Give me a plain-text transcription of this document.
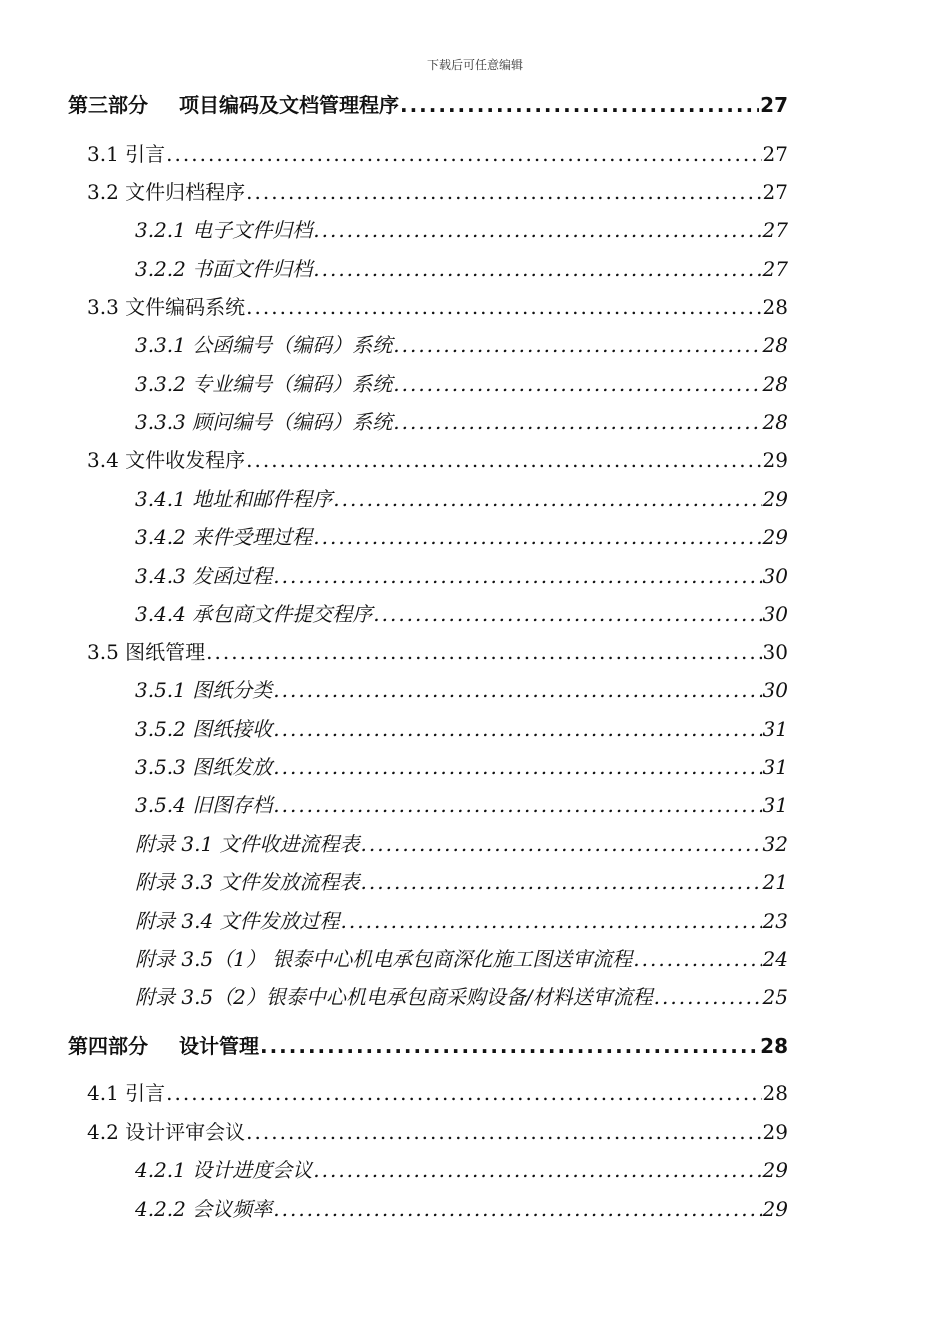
下载后可任意编辑
第三部分 项目编码及文档管理程序 .....	27
3.1 引言 .....	27
3.2 文件归档程序 .....	27
3.2.1 电子文件归档 .....	27
3.2.2 书面文件归档 .....	27
3.3 文件编码系统 .....	28
3.3.1 公函编号（编码）系统 .....	28
3.3.2 专业编号（编码）系统 .....	28
3.3.3 顾问编号（编码）系统 .....	28
3.4 文件收发程序 .....	29
3.4.1 地址和邮件程序 .....	29
3.4.2 来件受理过程 .....	29
3.4.3 发函过程 .....	30
3.4.4 承包商文件提交程序 .....	30
3.5 图纸管理 .....	30
3.5.1 图纸分类 .....	30
3.5.2 图纸接收 .....	31
3.5.3 图纸发放 .....	31
3.5.4 旧图存档 .....	31
附录 3.1 文件收进流程表 .....	32
附录 3.3 文件发放流程表 .....	21
附录 3.4 文件发放过程 .....	23
附录 3.5（1） 银泰中心机电承包商深化施工图送审流程 .....	24
附录 3.5（2）银泰中心机电承包商采购设备/材料送审流程 .....	25
第四部分 设计管理 .....	28
4.1 引言 .....	28
4.2 设计评审会议 .....	29
4.2.1 设计进度会议 .....	29
4.2.2 会议频率 .....	29
